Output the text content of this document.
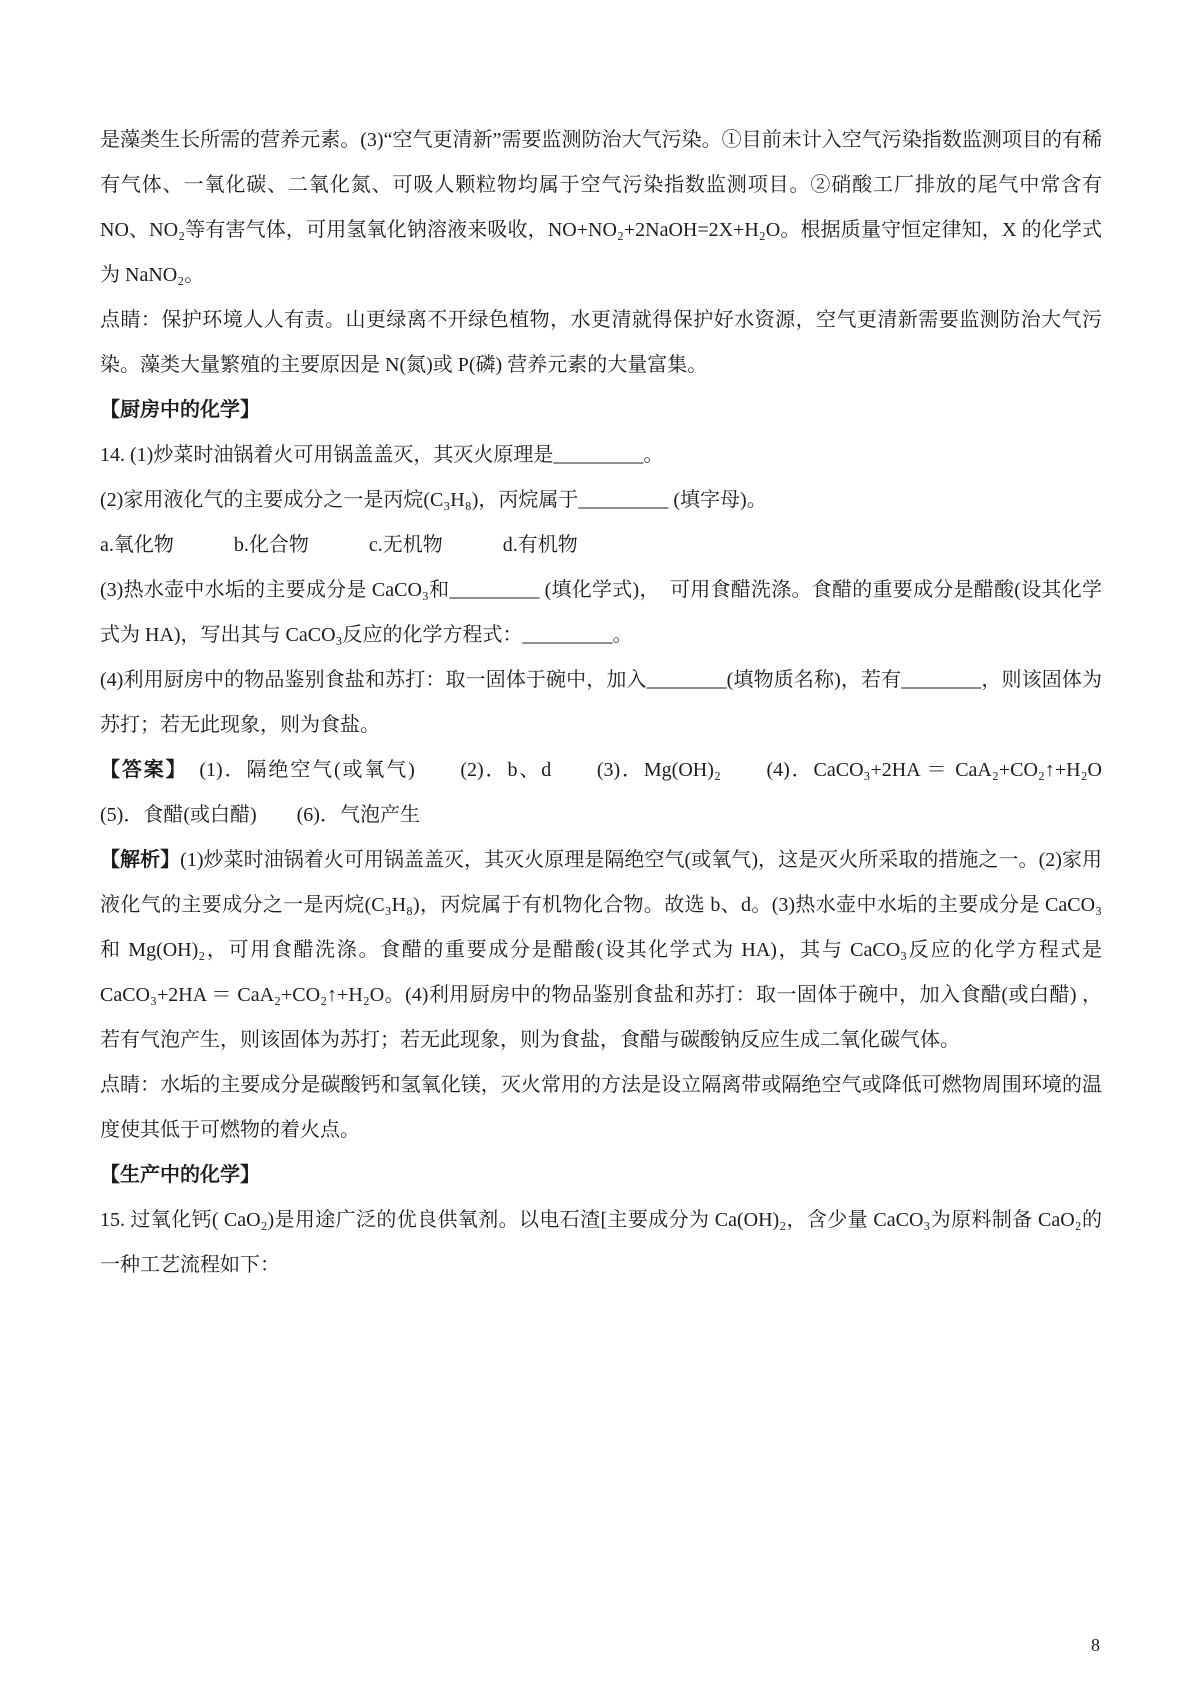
是藻类生长所需的营养元素。(3)“空气更清新”需要监测防治大气污染。①目前未计入空气污染指数监测项目的有稀有气体、一氧化碳、二氧化氮、可吸人颗粒物均属于空气污染指数监测项目。②硝酸工厂排放的尾气中常含有 NO、NO₂等有害气体，可用氢氧化钠溶液来吸收，NO+NO₂+2NaOH=2X+H₂O。根据质量守恒定律知，X 的化学式为 NaNO₂。

点睛：保护环境人人有责。山更绿离不开绿色植物，水更清就得保护好水资源，空气更清新需要监测防治大气污染。藻类大量繁殖的主要原因是 N(氮)或 P(磷) 营养元素的大量富集。

【厨房中的化学】

14. (1)炒菜时油锅着火可用锅盖盖灭，其灭火原理是_________。

(2)家用液化气的主要成分之一是丙烷(C₃H₈)，丙烷属于_________ (填字母)。

a.氧化物　　　b.化合物　　　c.无机物　　　d.有机物

(3)热水壶中水垢的主要成分是 CaCO₃和_________ (填化学式)，　可用食醋洗涤。食醋的重要成分是醋酸(设其化学式为 HA)，写出其与 CaCO₃反应的化学方程式：_________。

(4)利用厨房中的物品鉴别食盐和苏打：取一固体于碗中，加入________(填物质名称)，若有________，则该固体为苏打；若无此现象，则为食盐。

【答案】　(1)．隔绝空气(或氧气)　　(2)．b、d　　(3)．Mg(OH)₂　　(4)．CaCO₃+2HA ＝ CaA₂+CO₂↑+H₂O　　(5)．食醋(或白醋)　　(6)．气泡产生

【解析】(1)炒菜时油锅着火可用锅盖盖灭，其灭火原理是隔绝空气(或氧气)，这是灭火所采取的措施之一。(2)家用液化气的主要成分之一是丙烷(C₃H₈)，丙烷属于有机物化合物。故选 b、d。(3)热水壶中水垢的主要成分是 CaCO₃和 Mg(OH)₂，可用食醋洗涤。食醋的重要成分是醋酸(设其化学式为 HA)，其与 CaCO₃反应的化学方程式是 CaCO₃+2HA ＝ CaA₂+CO₂↑+H₂O。(4)利用厨房中的物品鉴别食盐和苏打：取一固体于碗中，加入食醋(或白醋) ，若有气泡产生，则该固体为苏打；若无此现象，则为食盐，食醋与碳酸钠反应生成二氧化碳气体。

点睛：水垢的主要成分是碳酸钙和氢氧化镁，灭火常用的方法是设立隔离带或隔绝空气或降低可燃物周围环境的温度使其低于可燃物的着火点。

【生产中的化学】

15. 过氧化钙( CaO₂)是用途广泛的优良供氧剂。以电石渣[主要成分为 Ca(OH)₂，含少量 CaCO₃为原料制备 CaO₂的一种工艺流程如下：

8
